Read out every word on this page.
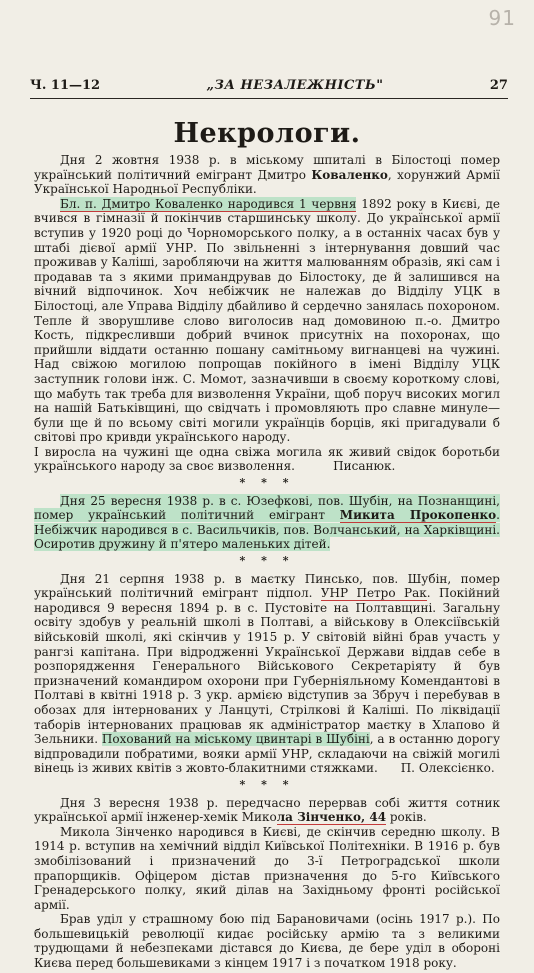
91
Ч. 11—12	„ЗА НЕЗАЛЕЖНІСТЬ"	27
Некрологи.

Дня 2 жовтня 1938 р. в міському шпиталі в Білостоці помер український політичний емігрант Дмитро Коваленко, хорунжий Армії Української Народньої Республіки.

Бл. п. Дмитро Коваленко народився 1 червня 1892 року в Києві, де вчився в гімназії й покінчив старшинську школу. До української армії вступив у 1920 році до Чорноморського полку, а в останніх часах був у штабі дієвої армії УНР. По звільненні з інтернування довший час проживав у Калішi, заробляючи на життя малюванням образів, які сам і продавав та з якими примандрував до Білостоку, де й залишився на вічний відпочинок. Хоч небіжчик не належав до Відділу УЦК в Білостоці, але Управа Відділу дбайливо й сердечно занялась похороном. Тепле й зворушливе слово виголосив над домовиною п.-о. Дмитро Кость, підкресливши добрий вчинок присутніх на похоронах, що прийшли віддати останню пошану самітньому вигнанцеві на чужині. Над свіжою могилою попрощав покійного в імені Відділу УЦК заступник голови інж. С. Момот, зазначивши в своєму короткому слові, що мабуть так треба для визволення України, щоб поруч високих могил на нашій Батьківщині, що свідчать і промовляють про славне минуле—були ще й по всьому світі могили українців борців, які пригадували б світові про кривди українського народу.

І виросла на чужині ще одна свіжа могила як живий свідок боротьби українського народу за своє визволення.	Писанюк.

* * *

Дня 25 вересня 1938 р. в с. Юзефкові, пов. Шубін, на Познанщині, помер український політичний емігрант Микита Прокопенко. Небіжчик народився в с. Васильчиків, пов. Волчанський, на Харківщині. Осиротив дружину й п'ятеро маленьких дітей.

* * *

Дня 21 серпня 1938 р. в маєтку Пинсько, пов. Шубін, помер український політичний емігрант підпол. УНР Петро Рак. Покійний народився 9 вересня 1894 р. в с. Пустовіте на Полтавщині. Загальну освіту здобув у реальній школі в Полтаві, а військову в Олексіївській військовій школі, які скінчив у 1915 р. У світовій війні брав участь у рангзі капітана. При відродженні Української Держави віддав себе в розпорядження Генерального Військового Секретаріяту й був призначений командиром охорони при Губерніяльному Комендантові в Полтаві в квітні 1918 р. З укр. армією відступив за Збруч і перебував в обозах для інтернованих у Ланцуті, Стрілкові й Каліші. По ліквідації таборів інтернованих працював як адміністратор маєтку в Хлапово й Зельники. Похований на міському цвинтарі в Шубіні, а в останню дорогу відпровадили побратими, вояки армії УНР, складаючи на свіжій могилі вінець із живих квітів з жовто-блакитними стяжками. П. Олексієнко.

* * *

Дня 3 вересня 1938 р. передчасно перервав собі життя сотник української армії інженер-хемік Микола Зінченко, 44 років.

Микола Зінченко народився в Києві, де скінчив середню школу. В 1914 р. вступив на хемічний відділ Київської Політехніки. В 1916 р. був змобілізований і призначений до 3-ї Петроградської школи прапорщиків. Офіцером дістав призначення до 5-го Київського Гренадерського полку, який ділав на Західньому фронті російської армії.

Брав уділ у страшному бою під Барановичами (осінь 1917 р.). По большевицькій революції кидає російську армію та з великими трудющами й небезпеками дістався до Києва, де бере уділ в обороні Києва перед большевиками з кінцем 1917 і з початком 1918 року.
